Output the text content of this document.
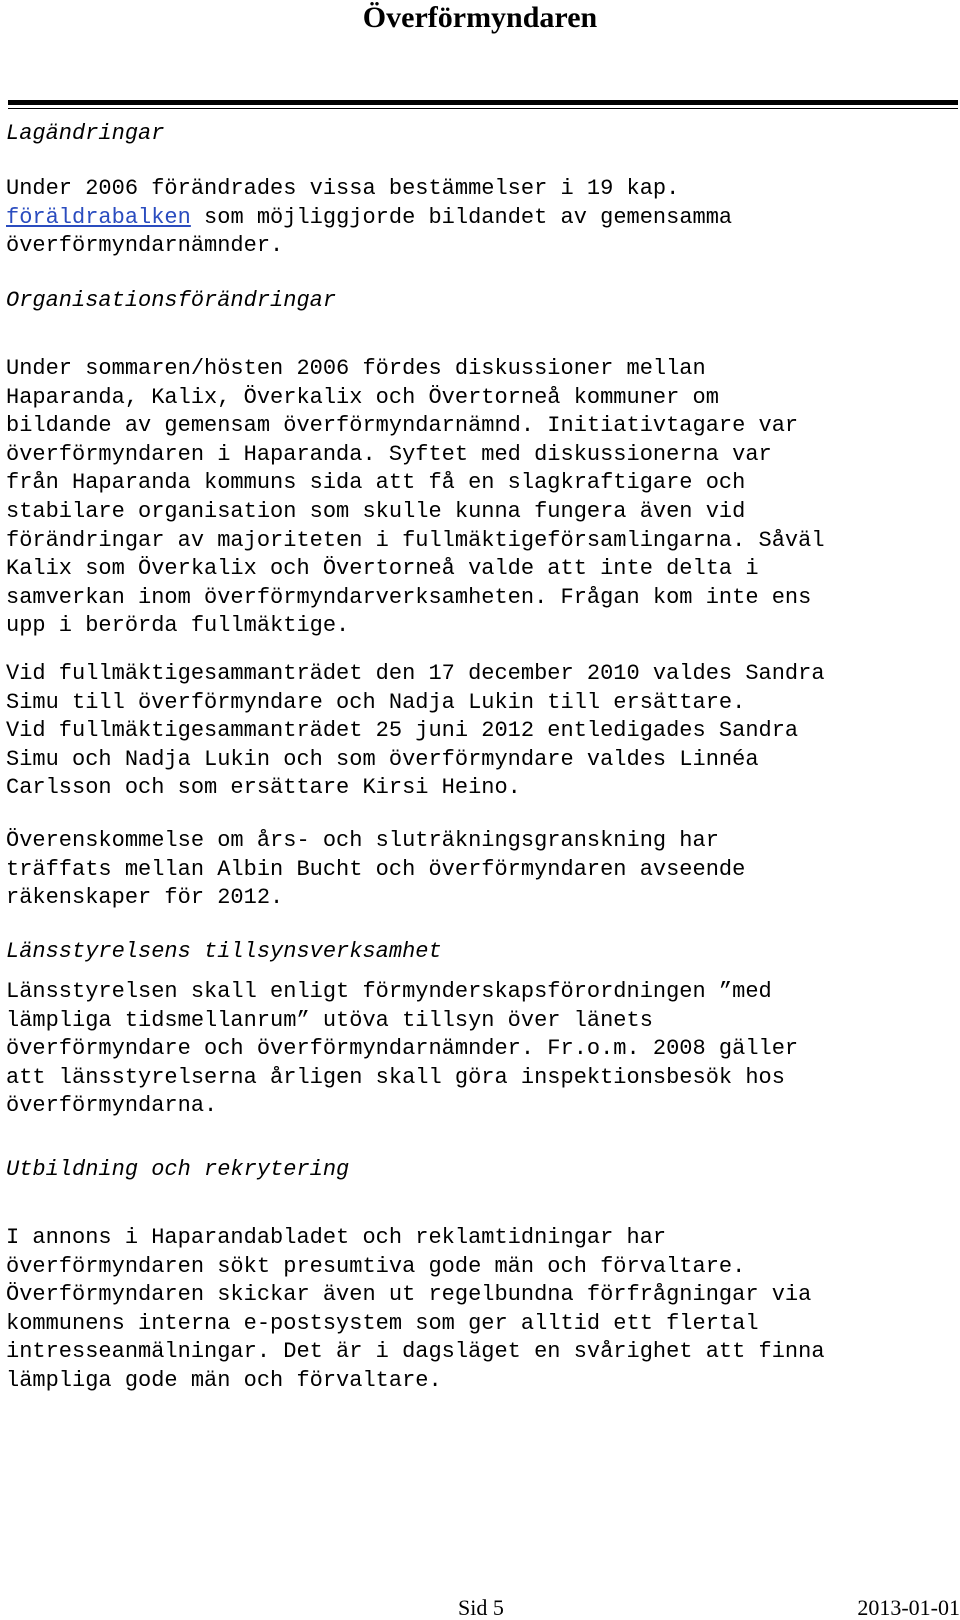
Överförmyndaren

Lagändringar

Under 2006 förändrades vissa bestämmelser i 19 kap.
föräldrabalken som möjliggjorde bildandet av gemensamma
överförmyndarnämnder.

Organisationsförändringar

Under sommaren/hösten 2006 fördes diskussioner mellan
Haparanda, Kalix, Överkalix och Övertorneå kommuner om
bildande av gemensam överförmyndarnämnd. Initiativtagare var
överförmyndaren i Haparanda. Syftet med diskussionerna var
från Haparanda kommuns sida att få en slagkraftigare och
stabilare organisation som skulle kunna fungera även vid
förändringar av majoriteten i fullmäktigeförsamlingarna. Såväl
Kalix som Överkalix och Övertorneå valde att inte delta i
samverkan inom överförmyndarverksamheten. Frågan kom inte ens
upp i berörda fullmäktige.

Vid fullmäktigesammanträdet den 17 december 2010 valdes Sandra
Simu till överförmyndare och Nadja Lukin till ersättare.
Vid fullmäktigesammanträdet 25 juni 2012 entledigades Sandra
Simu och Nadja Lukin och som överförmyndare valdes Linnéa
Carlsson och som ersättare Kirsi Heino.

Överenskommelse om års- och sluträkningsgranskning har
träffats mellan Albin Bucht och överförmyndaren avseende
räkenskaper för 2012.

Länsstyrelsens tillsynsverksamhet

Länsstyrelsen skall enligt förmynderskapsförordningen ”med
lämpliga tidsmellanrum” utöva tillsyn över länets
överförmyndare och överförmyndarnämnder. Fr.o.m. 2008 gäller
att länsstyrelserna årligen skall göra inspektionsbesök hos
överförmyndarna.

Utbildning och rekrytering

I annons i Haparandabladet och reklamtidningar har
överförmyndaren sökt presumtiva gode män och förvaltare.
Överförmyndaren skickar även ut regelbundna förfrågningar via
kommunens interna e-postsystem som ger alltid ett flertal
intresseanmälningar. Det är i dagsläget en svårighet att finna
lämpliga gode män och förvaltare.

Sid 5	2013-01-01
